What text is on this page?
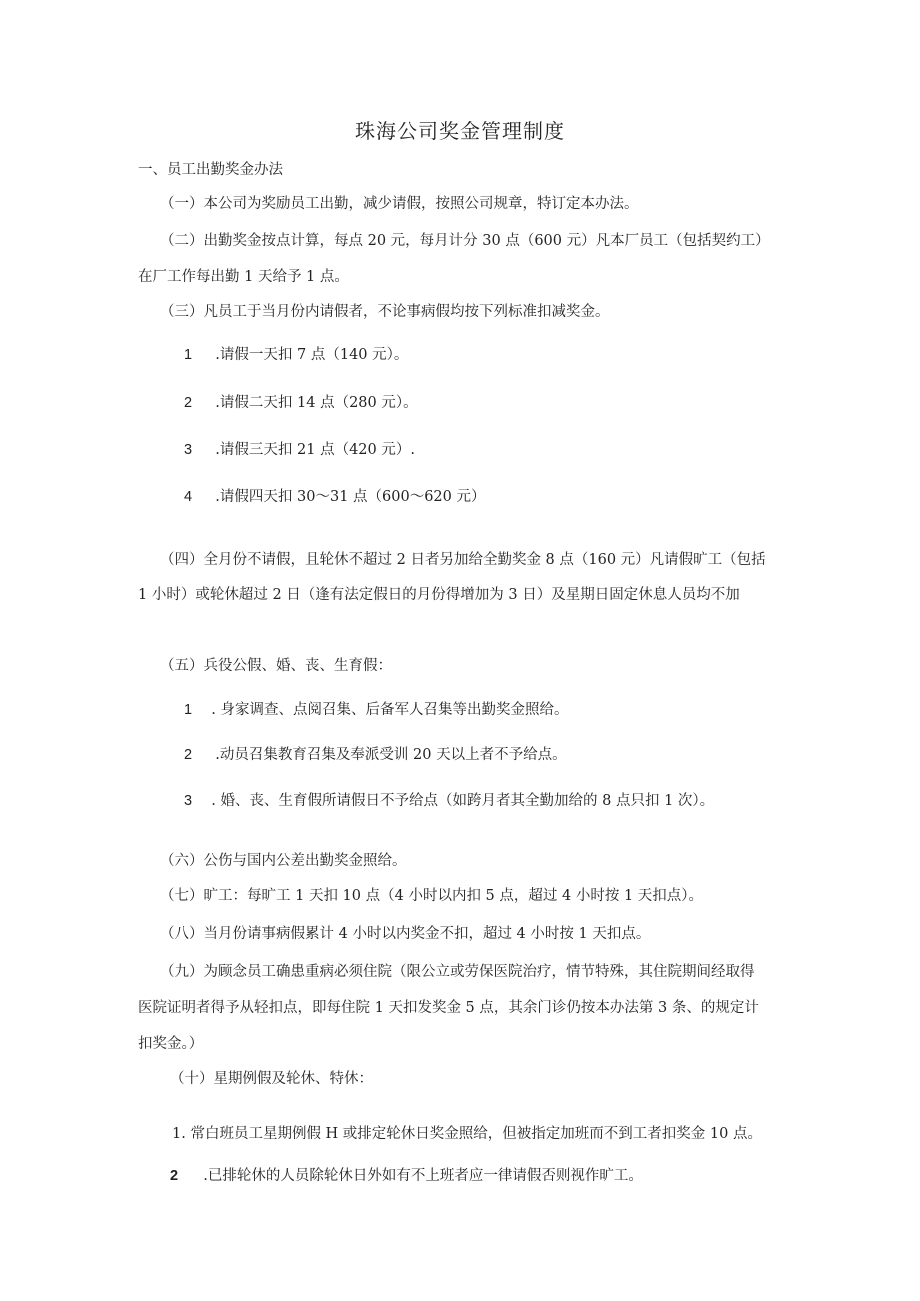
珠海公司奖金管理制度
一、员工出勤奖金办法
（一）本公司为奖励员工出勤，减少请假，按照公司规章，特订定本办法。
（二）出勤奖金按点计算，每点 20 元，每月计分 30 点（600 元）凡本厂员工（包括契约工）
在厂工作每出勤 1 天给予 1 点。
（三）凡员工于当月份内请假者，不论事病假均按下列标准扣减奖金。
1 .请假一天扣 7 点（140 元）。
2 .请假二天扣 14 点（280 元）。
3 .请假三天扣 21 点（420 元）.
4 .请假四天扣 30～31 点（600～620 元）
（四）全月份不请假，且轮休不超过 2 日者另加给全勤奖金 8 点（160 元）凡请假旷工（包括
1 小时）或轮休超过 2 日（逢有法定假日的月份得增加为 3 日）及星期日固定休息人员均不加
（五）兵役公假、婚、丧、生育假：
1 . 身家调查、点阅召集、后备军人召集等出勤奖金照给。
2 .动员召集教育召集及奉派受训 20 天以上者不予给点。
3 . 婚、丧、生育假所请假日不予给点（如跨月者其全勤加给的 8 点只扣 1 次）。
（六）公伤与国内公差出勤奖金照给。
（七）旷工：每旷工 1 天扣 10 点（4 小时以内扣 5 点，超过 4 小时按 1 天扣点）。
（八）当月份请事病假累计 4 小时以内奖金不扣，超过 4 小时按 1 天扣点。
（九）为顾念员工确患重病必须住院（限公立或劳保医院治疗，情节特殊，其住院期间经取得
医院证明者得予从轻扣点，即每住院 1 天扣发奖金 5 点，其余门诊仍按本办法第 3 条、的规定计
扣奖金。）
（十）星期例假及轮休、特休：
1. 常白班员工星期例假 H 或排定轮休日奖金照给，但被指定加班而不到工者扣奖金 10 点。
2 .已排轮休的人员除轮休日外如有不上班者应一律请假否则视作旷工。
